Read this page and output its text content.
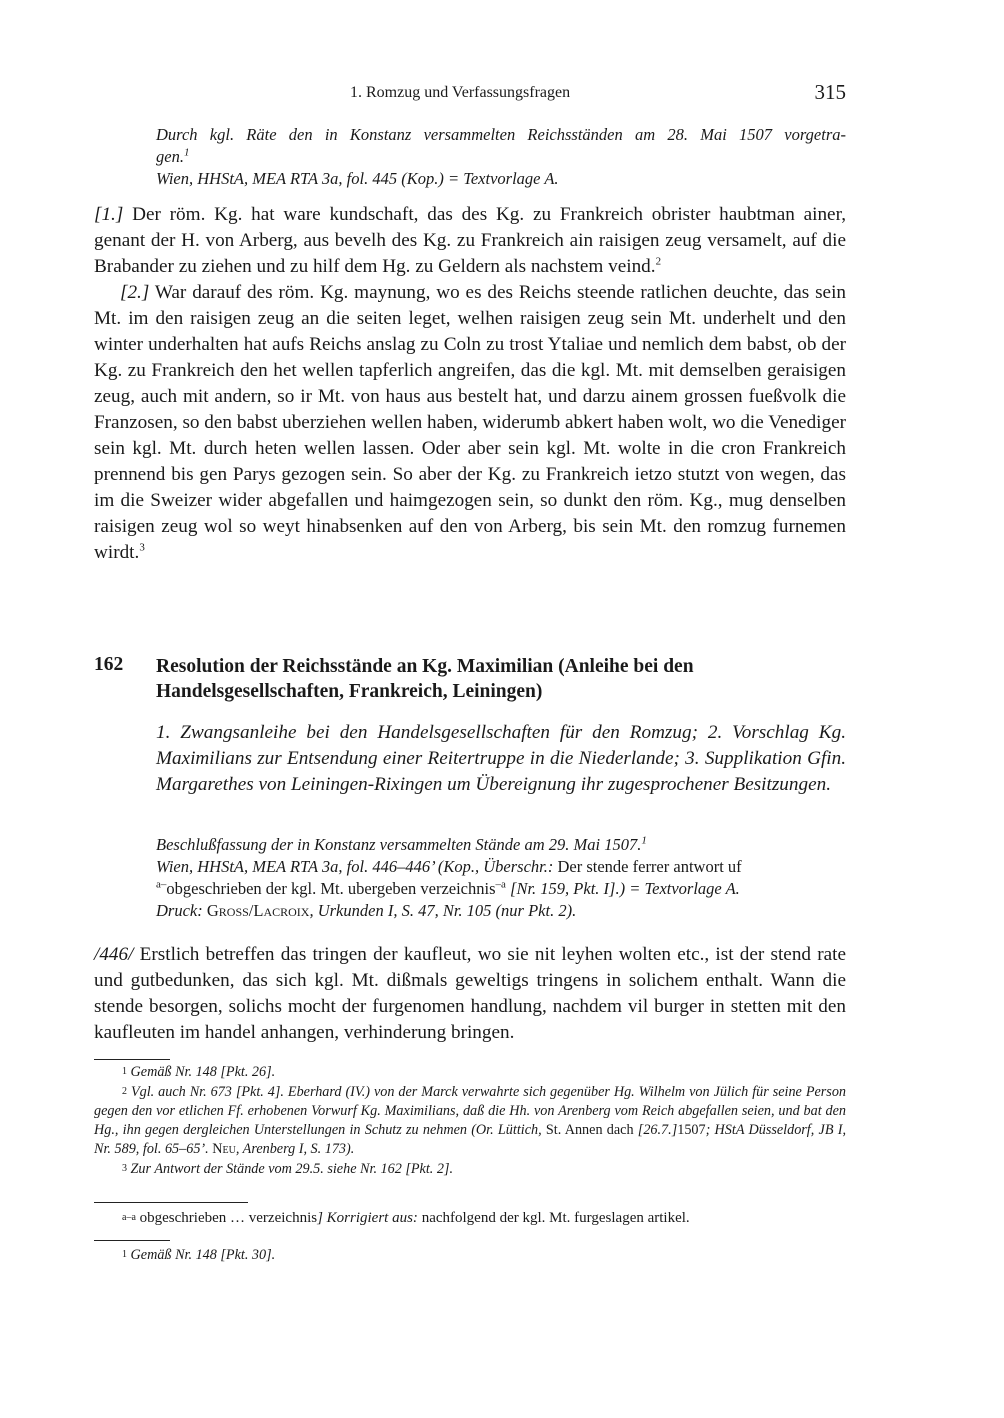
1. Romzug und Verfassungsfragen	315
Durch kgl. Räte den in Konstanz versammelten Reichsständen am 28. Mai 1507 vorgetra-
gen.$^1$
Wien, HHStA, MEA RTA 3a, fol. 445 (Kop.) = Textvorlage A.

[1.] Der röm. Kg. hat ware kundschaft, das des Kg. zu Frankreich obrister haubtman ainer, genant der H. von Arberg, aus bevelh des Kg. zu Frankreich ain raisigen zeug versamelt, auf die Brabander zu ziehen und zu hilf dem Hg. zu Geldern als nachstem veind.$^2$

[2.] War darauf des röm. Kg. maynung, wo es des Reichs steende ratlichen deuchte, das sein Mt. im den raisigen zeug an die seiten leget, welhen raisigen zeug sein Mt. underhelt und den winter underhalten hat aufs Reichs anslag zu Coln zu trost Ytaliae und nemlich dem babst, ob der Kg. zu Frankreich den het wellen tapferlich angreifen, das die kgl. Mt. mit demselben geraisigen zeug, auch mit andern, so ir Mt. von haus aus bestelt hat, und darzu ainem grossen fueßvolk die Franzosen, so den babst uberziehen wellen haben, widerumb abkert haben wolt, wo die Venediger sein kgl. Mt. durch heten wellen lassen. Oder aber sein kgl. Mt. wolte in die cron Frankreich prennend bis gen Parys gezogen sein. So aber der Kg. zu Frankreich ietzo stutzt von wegen, das im die Sweizer wider abgefallen und haimgezogen sein, so dunkt den röm. Kg., mug denselben raisigen zeug wol so weyt hinabsenken auf den von Arberg, bis sein Mt. den romzug furnemen wirdt.$^3$

162 Resolution der Reichsstände an Kg. Maximilian (Anleihe bei den Handelsgesellschaften, Frankreich, Leiningen)
1. Zwangsanleihe bei den Handelsgesellschaften für den Romzug; 2. Vorschlag Kg. Maximilians zur Entsendung einer Reitertruppe in die Niederlande; 3. Supplikation Gfin. Margarethes von Leiningen-Rixingen um Übereignung ihr zugesprochener Besitzungen.
Beschlußfassung der in Konstanz versammelten Stände am 29. Mai 1507.$^1$
Wien, HHStA, MEA RTA 3a, fol. 446–446’ (Kop., Überschr.: Der stende ferrer antwort uf
$^{a-}$obgeschrieben der kgl. Mt. ubergeben verzeichnis$^{-a}$ [Nr. 159, Pkt. I].) = Textvorlage A.
Druck: Gross/Lacroix, Urkunden I, S. 47, Nr. 105 (nur Pkt. 2).

/446/ Erstlich betreffen das tringen der kaufleut, wo sie nit leyhen wolten etc., ist der stend rate und gutbedunken, das sich kgl. Mt. dißmals geweltigs tringens in solichem enthalt. Wann die stende besorgen, solichs mocht der furgenomen handlung, nachdem vil burger in stetten mit den kaufleuten im handel anhangen, verhinderung bringen.

1 Gemäß Nr. 148 [Pkt. 26].
2 Vgl. auch Nr. 673 [Pkt. 4]. Eberhard (IV.) von der Marck verwahrte sich gegenüber Hg. Wilhelm von Jülich für seine Person gegen den vor etlichen Ff. erhobenen Vorwurf Kg. Maximilians, daß die Hh. von Arenberg vom Reich abgefallen seien, und bat den Hg., ihn gegen dergleichen Unterstellungen in Schutz zu nehmen (Or. Lüttich, St. Annen dach [26.7.]1507; HStA Düsseldorf, JB I, Nr. 589, fol. 65–65’. Neu, Arenberg I, S. 173).
3 Zur Antwort der Stände vom 29.5. siehe Nr. 162 [Pkt. 2].
a–a obgeschrieben … verzeichnis] Korrigiert aus: nachfolgend der kgl. Mt. furgeslagen artikel.
1 Gemäß Nr. 148 [Pkt. 30].
